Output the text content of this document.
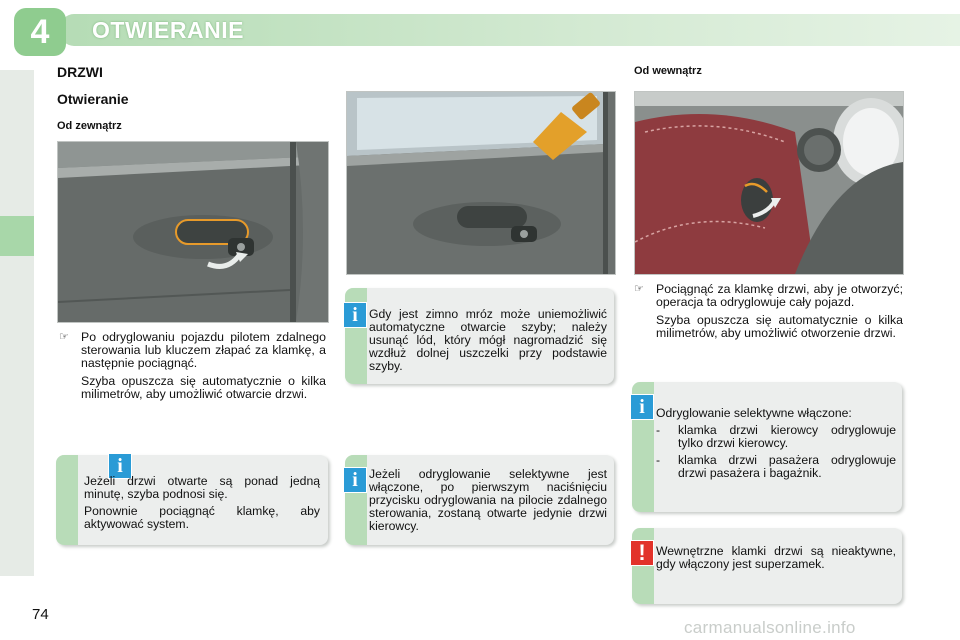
4	OTWIERANIE
DRZWI
Otwieranie
Od zewnątrz
☞ Po odryglowaniu pojazdu pilotem zdalnego sterowania lub kluczem złapać za klamkę, a następnie pociągnąć.

Szyba opuszcza się automatycznie o kilka milimetrów, aby umożliwić otwarcie drzwi.

i

Jeżeli drzwi otwarte są ponad jedną minutę, szyba podnosi się.

Ponownie pociągnąć klamkę, aby aktywować system.

i Gdy jest zimno mróz może uniemożliwić automatyczne otwarcie szyby; należy usunąć lód, który mógł nagromadzić się wzdłuż dolnej uszczelki przy podstawie szyby.
i Jeżeli odryglowanie selektywne jest włączone, po pierwszym naciśnięciu przycisku odryglowania na pilocie zdalnego sterowania, zostaną otwarte jedynie drzwi kierowcy.
Od wewnątrz
☞ Pociągnąć za klamkę drzwi, aby je otworzyć; operacja ta odryglowuje cały pojazd.

Szyba opuszcza się automatycznie o kilka milimetrów, aby umożliwić otworzenie drzwi.

i Odryglowanie selektywne włączone:

- klamka drzwi kierowcy odryglowuje tylko drzwi kierowcy.
- klamka drzwi pasażera odryglowuje drzwi pasażera i bagażnik.
! Wewnętrzne klamki drzwi są nieaktywne, gdy włączony jest superzamek.
74
carmanualsonline.info
